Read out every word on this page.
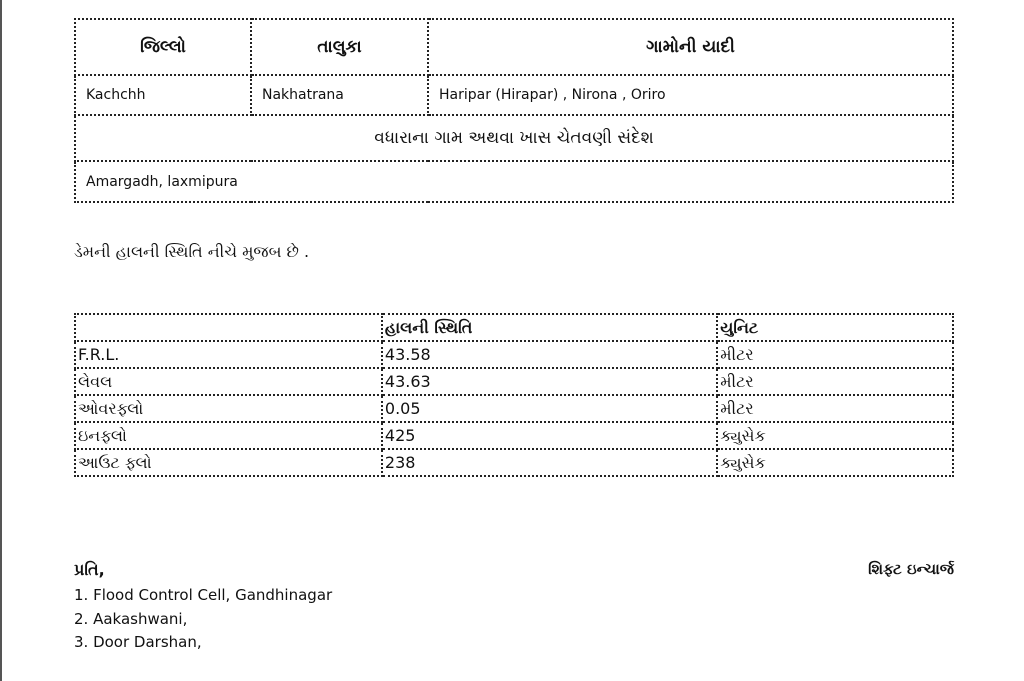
જિલ્લો	તાલુકા	ગામોની યાદી
Kachchh	Nakhatrana	Haripar (Hirapar) , Nirona , Oriro
વધારાના ગામ અથવા ખાસ ચેતવણી સંદેશ		
Amargadh, laxmipura		
ડેમની હાલની સ્થિતિ નીચે મુજબ છે .
	હાલની સ્થિતિ	યુનિટ
F.R.L.	43.58	મીટર
લેવલ	43.63	મીટર
ઓવરફ્લો	0.05	મીટર
ઇનફ્લો	425	ક્યુસેક
આઉટ ફ્લો	238	ક્યુસેક
પ્રતિ,
1. Flood Control Cell, Gandhinagar
2. Aakashwani,
3. Door Darshan,
શિફ્ટ ઇન્ચાર્જ
